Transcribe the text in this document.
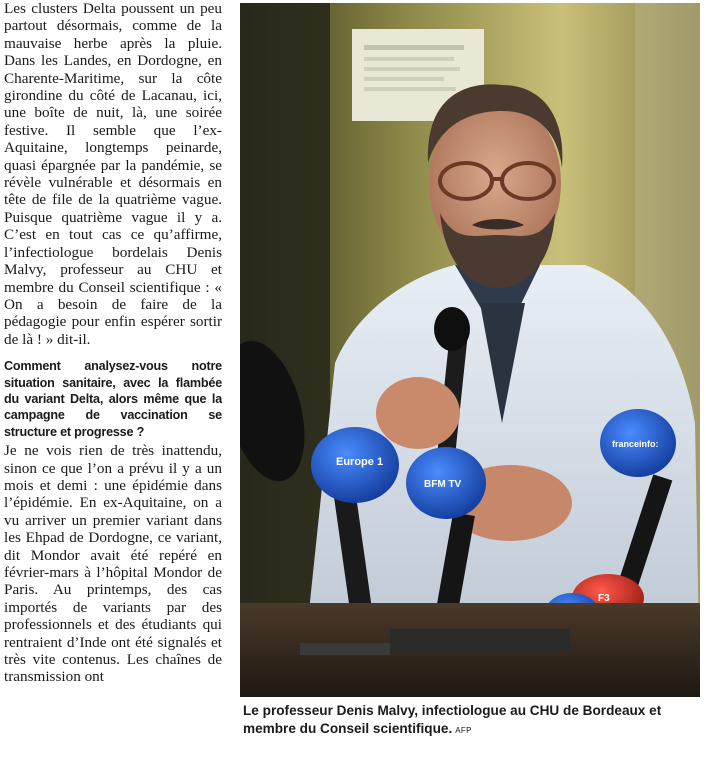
Les clusters Delta poussent un peu partout désormais, comme de la mauvaise herbe après la pluie. Dans les Landes, en Dordogne, en Charente-Maritime, sur la côte girondine du côté de Lacanau, ici, une boîte de nuit, là, une soirée festive. Il semble que l’ex-Aquitaine, longtemps peinarde, quasi épargnée par la pandémie, se révèle vulnérable et désormais en tête de file de la quatrième vague. Puisque quatrième vague il y a. C’est en tout cas ce qu’affirme, l’infectiologue bordelais Denis Malvy, professeur au CHU et membre du Conseil scientifique : « On a besoin de faire de la pédagogie pour enfin espérer sortir de là ! » dit-il.

Comment analysez-vous notre situation sanitaire, avec la flambée du variant Delta, alors même que la campagne de vaccination se structure et progresse ?

Je ne vois rien de très inattendu, sinon ce que l’on a prévu il y a un mois et demi : une épidémie dans l’épidémie. En ex-Aquitaine, on a vu arriver un premier variant dans les Ehpad de Dordogne, ce variant, dit Mondor avait été repéré en février-mars à l’hôpital Mondor de Paris. Au printemps, des cas importés de variants par des professionnels et des étudiants qui rentraient d’Inde ont été signalés et très vite contenus. Les chaînes de transmission ont

Europe 1
franceinfo:
BFM TV
F3
Le professeur Denis Malvy, infectiologue au CHU de Bordeaux et membre du Conseil scientifique. AFP
